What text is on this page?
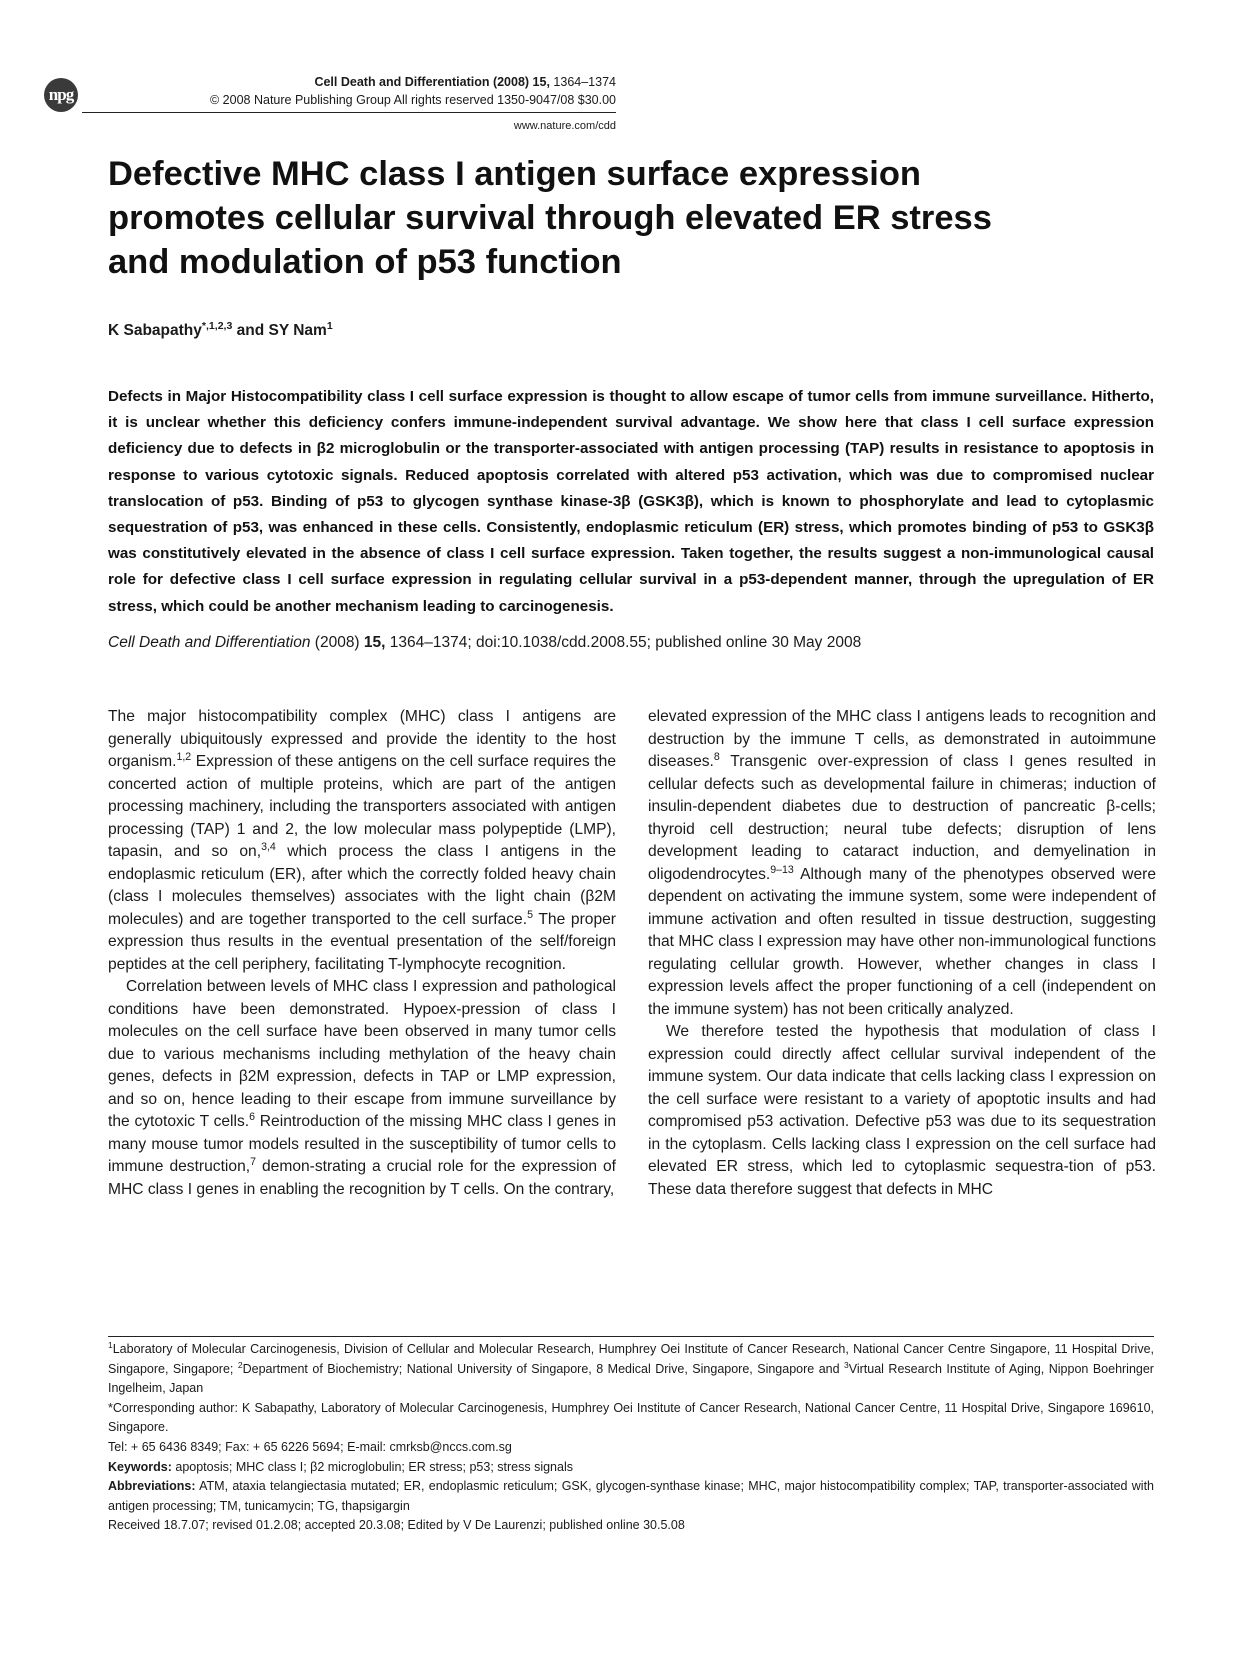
npg
Cell Death and Differentiation (2008) 15, 1364–1374
© 2008 Nature Publishing Group All rights reserved 1350-9047/08 $30.00
www.nature.com/cdd
Defective MHC class I antigen surface expression
promotes cellular survival through elevated ER stress
and modulation of p53 function
K Sabapathy$^{*,1,2,3}$ and SY Nam$^1$

Defects in Major Histocompatibility class I cell surface expression is thought to allow escape of tumor cells from immune surveillance. Hitherto, it is unclear whether this deficiency confers immune-independent survival advantage. We show here that class I cell surface expression deficiency due to defects in β2 microglobulin or the transporter-associated with antigen processing (TAP) results in resistance to apoptosis in response to various cytotoxic signals. Reduced apoptosis correlated with altered p53 activation, which was due to compromised nuclear translocation of p53. Binding of p53 to glycogen synthase kinase-3β (GSK3β), which is known to phosphorylate and lead to cytoplasmic sequestration of p53, was enhanced in these cells. Consistently, endoplasmic reticulum (ER) stress, which promotes binding of p53 to GSK3β was constitutively elevated in the absence of class I cell surface expression. Taken together, the results suggest a non-immunological causal role for defective class I cell surface expression in regulating cellular survival in a p53-dependent manner, through the upregulation of ER stress, which could be another mechanism leading to carcinogenesis.

Cell Death and Differentiation (2008) 15, 1364–1374; doi:10.1038/cdd.2008.55; published online 30 May 2008

The major histocompatibility complex (MHC) class I antigens are generally ubiquitously expressed and provide the identity to the host organism.$^{1,2}$ Expression of these antigens on the cell surface requires the concerted action of multiple proteins, which are part of the antigen processing machinery, including the transporters associated with antigen processing (TAP) 1 and 2, the low molecular mass polypeptide (LMP), tapasin, and so on,$^{3,4}$ which process the class I antigens in the endoplasmic reticulum (ER), after which the correctly folded heavy chain (class I molecules themselves) associates with the light chain (β2M molecules) and are together transported to the cell surface.$^5$ The proper expression thus results in the eventual presentation of the self/foreign peptides at the cell periphery, facilitating T-lymphocyte recognition.

Correlation between levels of MHC class I expression and pathological conditions have been demonstrated. Hypoex-pression of class I molecules on the cell surface have been observed in many tumor cells due to various mechanisms including methylation of the heavy chain genes, defects in β2M expression, defects in TAP or LMP expression, and so on, hence leading to their escape from immune surveillance by the cytotoxic T cells.$^6$ Reintroduction of the missing MHC class I genes in many mouse tumor models resulted in the susceptibility of tumor cells to immune destruction,$^7$ demon-strating a crucial role for the expression of MHC class I genes in enabling the recognition by T cells. On the contrary,

elevated expression of the MHC class I antigens leads to recognition and destruction by the immune T cells, as demonstrated in autoimmune diseases.$^8$ Transgenic over-expression of class I genes resulted in cellular defects such as developmental failure in chimeras; induction of insulin-dependent diabetes due to destruction of pancreatic β-cells; thyroid cell destruction; neural tube defects; disruption of lens development leading to cataract induction, and demyelination in oligodendrocytes.$^{9-13}$ Although many of the phenotypes observed were dependent on activating the immune system, some were independent of immune activation and often resulted in tissue destruction, suggesting that MHC class I expression may have other non-immunological functions regulating cellular growth. However, whether changes in class I expression levels affect the proper functioning of a cell (independent on the immune system) has not been critically analyzed.

We therefore tested the hypothesis that modulation of class I expression could directly affect cellular survival independent of the immune system. Our data indicate that cells lacking class I expression on the cell surface were resistant to a variety of apoptotic insults and had compromised p53 activation. Defective p53 was due to its sequestration in the cytoplasm. Cells lacking class I expression on the cell surface had elevated ER stress, which led to cytoplasmic sequestra-tion of p53. These data therefore suggest that defects in MHC

$^1$Laboratory of Molecular Carcinogenesis, Division of Cellular and Molecular Research, Humphrey Oei Institute of Cancer Research, National Cancer Centre Singapore, 11 Hospital Drive, Singapore, Singapore; $^2$Department of Biochemistry; National University of Singapore, 8 Medical Drive, Singapore, Singapore and $^3$Virtual Research Institute of Aging, Nippon Boehringer Ingelheim, Japan

*Corresponding author: K Sabapathy, Laboratory of Molecular Carcinogenesis, Humphrey Oei Institute of Cancer Research, National Cancer Centre, 11 Hospital Drive, Singapore 169610, Singapore.

Tel: + 65 6436 8349; Fax: + 65 6226 5694; E-mail: cmrksb@nccs.com.sg

Keywords: apoptosis; MHC class I; β2 microglobulin; ER stress; p53; stress signals

Abbreviations: ATM, ataxia telangiectasia mutated; ER, endoplasmic reticulum; GSK, glycogen-synthase kinase; MHC, major histocompatibility complex; TAP, transporter-associated with antigen processing; TM, tunicamycin; TG, thapsigargin

Received 18.7.07; revised 01.2.08; accepted 20.3.08; Edited by V De Laurenzi; published online 30.5.08
